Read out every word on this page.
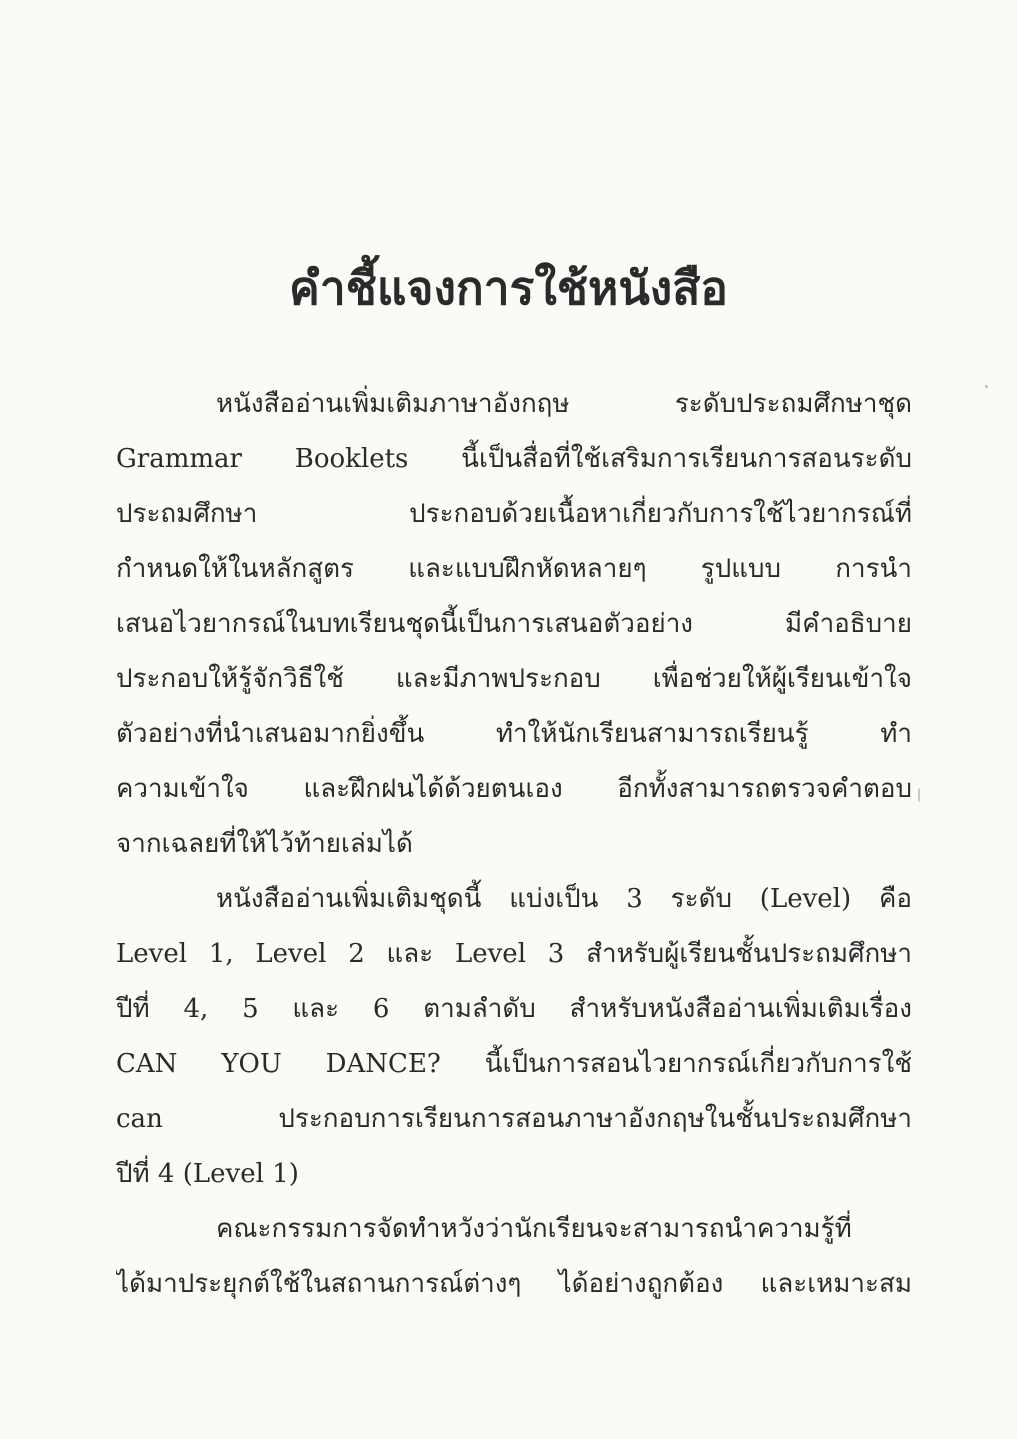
คำชี้แจงการใช้หนังสือ
หนังสืออ่านเพิ่มเติมภาษาอังกฤษ ระดับประถมศึกษาชุด
Grammar Booklets นี้เป็นสื่อที่ใช้เสริมการเรียนการสอนระดับ
ประถมศึกษา ประกอบด้วยเนื้อหาเกี่ยวกับการใช้ไวยากรณ์ที่
กำหนดให้ในหลักสูตร และแบบฝึกหัดหลายๆ รูปแบบ การนำ
เสนอไวยากรณ์ในบทเรียนชุดนี้เป็นการเสนอตัวอย่าง มีคำอธิบาย
ประกอบให้รู้จักวิธีใช้ และมีภาพประกอบ เพื่อช่วยให้ผู้เรียนเข้าใจ
ตัวอย่างที่นำเสนอมากยิ่งขึ้น ทำให้นักเรียนสามารถเรียนรู้ ทำ
ความเข้าใจ และฝึกฝนได้ด้วยตนเอง อีกทั้งสามารถตรวจคำตอบ
จากเฉลยที่ให้ไว้ท้ายเล่มได้
หนังสืออ่านเพิ่มเติมชุดนี้ แบ่งเป็น 3 ระดับ (Level) คือ
Level 1, Level 2 และ Level 3 สำหรับผู้เรียนชั้นประถมศึกษา
ปีที่ 4, 5 และ 6 ตามลำดับ สำหรับหนังสืออ่านเพิ่มเติมเรื่อง
CAN YOU DANCE? นี้เป็นการสอนไวยากรณ์เกี่ยวกับการใช้
can ประกอบการเรียนการสอนภาษาอังกฤษในชั้นประถมศึกษา
ปีที่ 4 (Level 1)
คณะกรรมการจัดทำหวังว่านักเรียนจะสามารถนำความรู้ที่
ได้มาประยุกต์ใช้ในสถานการณ์ต่างๆ ได้อย่างถูกต้อง และเหมาะสม
